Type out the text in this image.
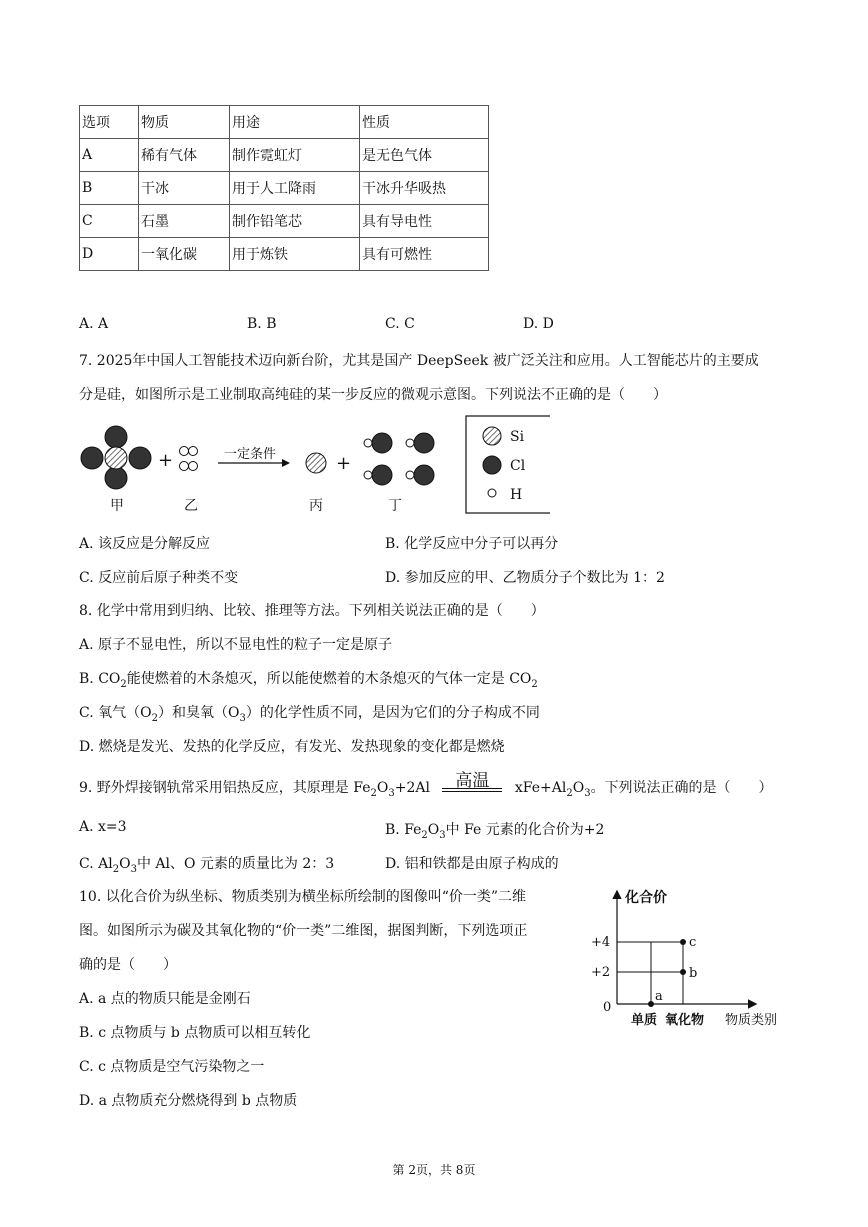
选项	物质	用途	性质
A	稀有气体	制作霓虹灯	是无色气体
B	干冰	用于人工降雨	干冰升华吸热
C	石墨	制作铅笔芯	具有导电性
D	一氧化碳	用于炼铁	具有可燃性
A. A	B. B	C. C	D. D
7. 2025年中国人工智能技术迈向新台阶，尤其是国产 DeepSeek 被广泛关注和应用。人工智能芯片的主要成
分是硅，如图所示是工业制取高纯硅的某一步反应的微观示意图。下列说法不正确的是（　　）
+	一定条件	+
甲	乙	丙	丁
Si
Cl
H
A. 该反应是分解反应	B. 化学反应中分子可以再分
C. 反应前后原子种类不变	D. 参加反应的甲、乙物质分子个数比为 1：2
8. 化学中常用到归纳、比较、推理等方法。下列相关说法正确的是（　　）
A. 原子不显电性，所以不显电性的粒子一定是原子
B. $CO_2$能使燃着的木条熄灭，所以能使燃着的木条熄灭的气体一定是 $CO_2$
C. 氧气$(O_2)$和臭氧$(O_3)$的化学性质不同，是因为它们的分子构成不同
D. 燃烧是发光、发热的化学反应，有发光、发热现象的变化都是燃烧
9. 野外焊接钢轨常采用铝热反应，其原理是 $Fe_2O_3+2Al$	高温	$xFe+Al_2O_3$。下列说法正确的是（　　）
A. x=3	B. $Fe_2O_3$中 Fe 元素的化合价为+2
C. $Al_2O_3$中 Al、O 元素的质量比为 2：3	D. 铝和铁都是由原子构成的
10. 以化合价为纵坐标、物质类别为横坐标所绘制的图像叫“价一类”二维
图。如图所示为碳及其氧化物的“价一类”二维图，据图判断，下列选项正
确的是（　　）
A. a 点的物质只能是金刚石
B. c 点物质与 b 点物质可以相互转化
C. c 点物质是空气污染物之一
D. a 点物质充分燃烧得到 b 点物质
化合价
物质类别
+4
+2
0
单质 氧化物
a
b
c
第 2页，共 8页
